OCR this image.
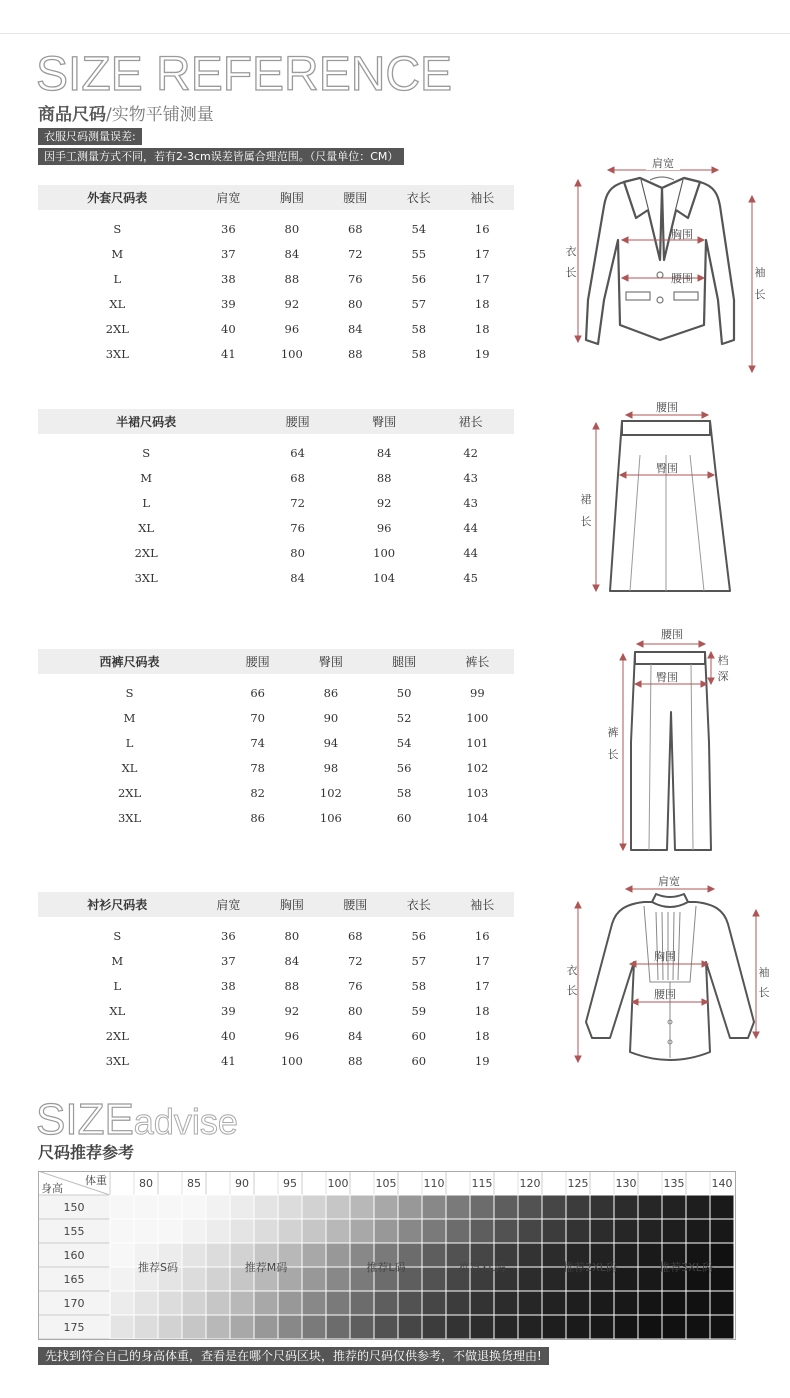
SIZE REFERENCE
商品尺码/实物平铺测量
衣服尺码测量误差:
因手工测量方式不同，若有2-3cm误差皆属合理范围。（尺量单位：CM）
外套尺码表	肩宽	胸围	腰围	衣长	袖长
S	36	80	68	54	16
M	37	84	72	55	17
L	38	88	76	56	17
XL	39	92	80	57	18
2XL	40	96	84	58	18
3XL	41	100	88	58	19
半裙尺码表	腰围	臀围	裙长		
S	64	84	42		
M	68	88	43		
L	72	92	43		
XL	76	96	44		
2XL	80	100	44		
3XL	84	104	45		
西裤尺码表	腰围	臀围	腿围	裤长	
S	66	86	50	99	
M	70	90	52	100	
L	74	94	54	101	
XL	78	98	56	102	
2XL	82	102	58	103	
3XL	86	106	60	104	
衬衫尺码表	肩宽	胸围	腰围	衣长	袖长
S	36	80	68	56	16
M	37	84	72	57	17
L	38	88	76	58	17
XL	39	92	80	59	18
2XL	40	96	84	60	18
3XL	41	100	88	60	19
肩宽
胸围
腰围
衣
长	袖
长
腰围
臀围
裙
长
腰围
臀围
档
深
裤
长
肩宽
胸围
腰围
衣
长
袖
长
SIZEadvise
尺码推荐参考
体重
身高	80	85	90	95	100 105 110 115 120 125 130 135 140
150
155
160
165
170
175
推荐S码	推荐M码	推荐L码	推荐XL码	推荐2XL码	推荐3XL码
先找到符合自己的身高体重，查看是在哪个尺码区块，推荐的尺码仅供参考，不做退换货理由!
